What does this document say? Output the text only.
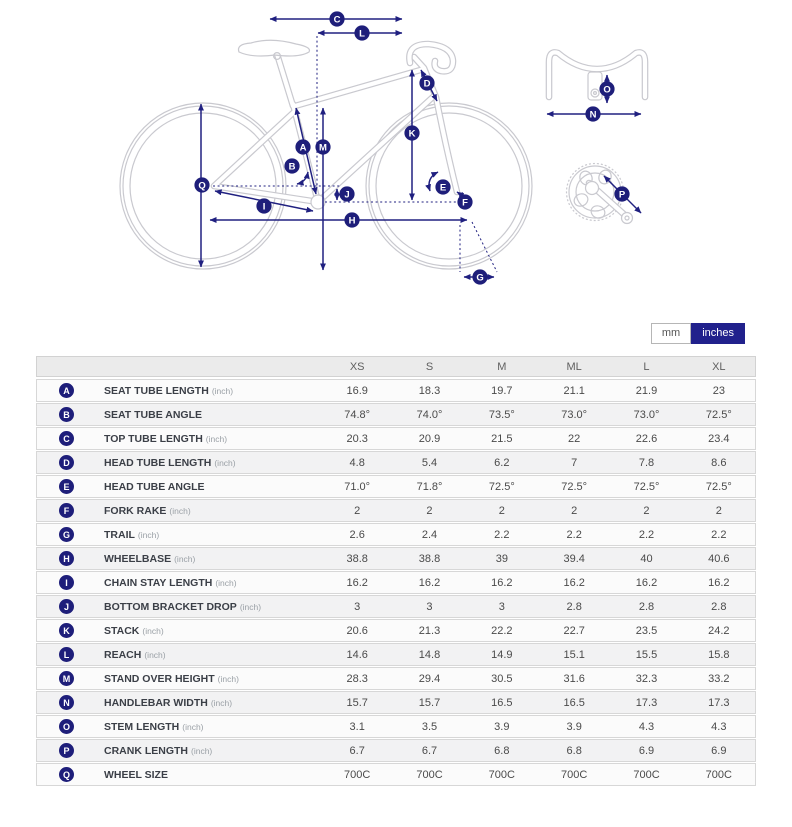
A
B
C
D
E
F
G
H
I
J
K
L
M
N
O
P
Q
mm	inches
XS	S	M	ML	L	XL
A	SEAT TUBE LENGTH (inch)	16.9	18.3	19.7	21.1	21.9	23
B	SEAT TUBE ANGLE	74.8°	74.0°	73.5°	73.0°	73.0°	72.5°
C	TOP TUBE LENGTH (inch)	20.3	20.9	21.5	22	22.6	23.4
D	HEAD TUBE LENGTH (inch)	4.8	5.4	6.2	7	7.8	8.6
E	HEAD TUBE ANGLE	71.0°	71.8°	72.5°	72.5°	72.5°	72.5°
F	FORK RAKE (inch)	2	2	2	2	2	2
G	TRAIL (inch)	2.6	2.4	2.2	2.2	2.2	2.2
H	WHEELBASE (inch)	38.8	38.8	39	39.4	40	40.6
I	CHAIN STAY LENGTH (inch)	16.2	16.2	16.2	16.2	16.2	16.2
J	BOTTOM BRACKET DROP (inch)	3	3	3	2.8	2.8	2.8
K	STACK (inch)	20.6	21.3	22.2	22.7	23.5	24.2
L	REACH (inch)	14.6	14.8	14.9	15.1	15.5	15.8
M	STAND OVER HEIGHT (inch)	28.3	29.4	30.5	31.6	32.3	33.2
N	HANDLEBAR WIDTH (inch)	15.7	15.7	16.5	16.5	17.3	17.3
O	STEM LENGTH (inch)	3.1	3.5	3.9	3.9	4.3	4.3
P	CRANK LENGTH (inch)	6.7	6.7	6.8	6.8	6.9	6.9
Q	WHEEL SIZE	700C	700C	700C	700C	700C	700C
